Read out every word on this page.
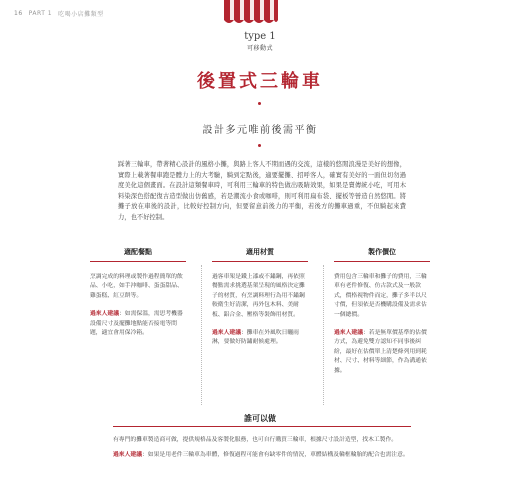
16 PART 1 吃喝小店攤類型
type 1
可移動式
後置式三輪車
設計多元唯前後需平衡
踩著三輪車，帶著精心設計的風格小攤，與路上客人不期而遇的交流，這樣的悠閒浪漫是美好的想像，實際上載著餐車跑是體力上的大考驗，騎到定點後，適要擺攤、招呼客人，確實有美好的一面但切勿過度美化這個畫面。在設計這類餐車時，可利用三輪車的特色做出吸睛效果，如果是賣傳統小吃，可用木料染深色搭配復古造型做出仿舊感，若是潮流小食或咖啡，則可利用扁布袋、擺板等營造自然悠閒。將攤子放在車後的設計，比較好控制方向，但要留意前後力的平衡，若後方的攤車過重，不但騎起來費力，也不好控制。
適配餐點

烹調完成的料理或製作過程簡單的飲品、小吃，如手沖咖啡、蛋蛋甜品、雞蛋糕、紅豆餅等。

過來人建議：如需保溫，需思考機器設備尺寸及擺攤地點能否接電等問題，適宜會用保冷箱。

適用材質

過客車架是鐵上漆或不鏽鋼，再依照餐點需求挑選基架呈現的風格決定攤子的材質，有烹調料理行為用不鏽鋼較衛生好清潔，再外包木料、美耐板、鋁合金、壓格等裝飾用材質。

過來人建議：攤車在外風吹日曬雨淋，要做好防鏽耐候處理。

製作價位

費用包含三輪車和攤子的費用，三輪車有老件修復、仿古款式及一般款式，價格視物件而定，攤子多半以尺寸價，但須依是否機購設備及需求估一個總價。

過來人建議：若是無單價基準的估價方式，為避免雙方認知不同事後糾紛，最好在估價單上清楚條列用到耗材、尺寸、材料等細節，作為溝通依據。

誰可以做

有專門的攤車製造商可做，提供規格品及客製化服務，也可自行購買三輪車，根據尺寸設計造型，找木工製作。

過來人建議：如果是用老件三輪車為車體，修復過程可能會有缺零件的情況，車體結構及輪框輪胎的配合也需注意。
